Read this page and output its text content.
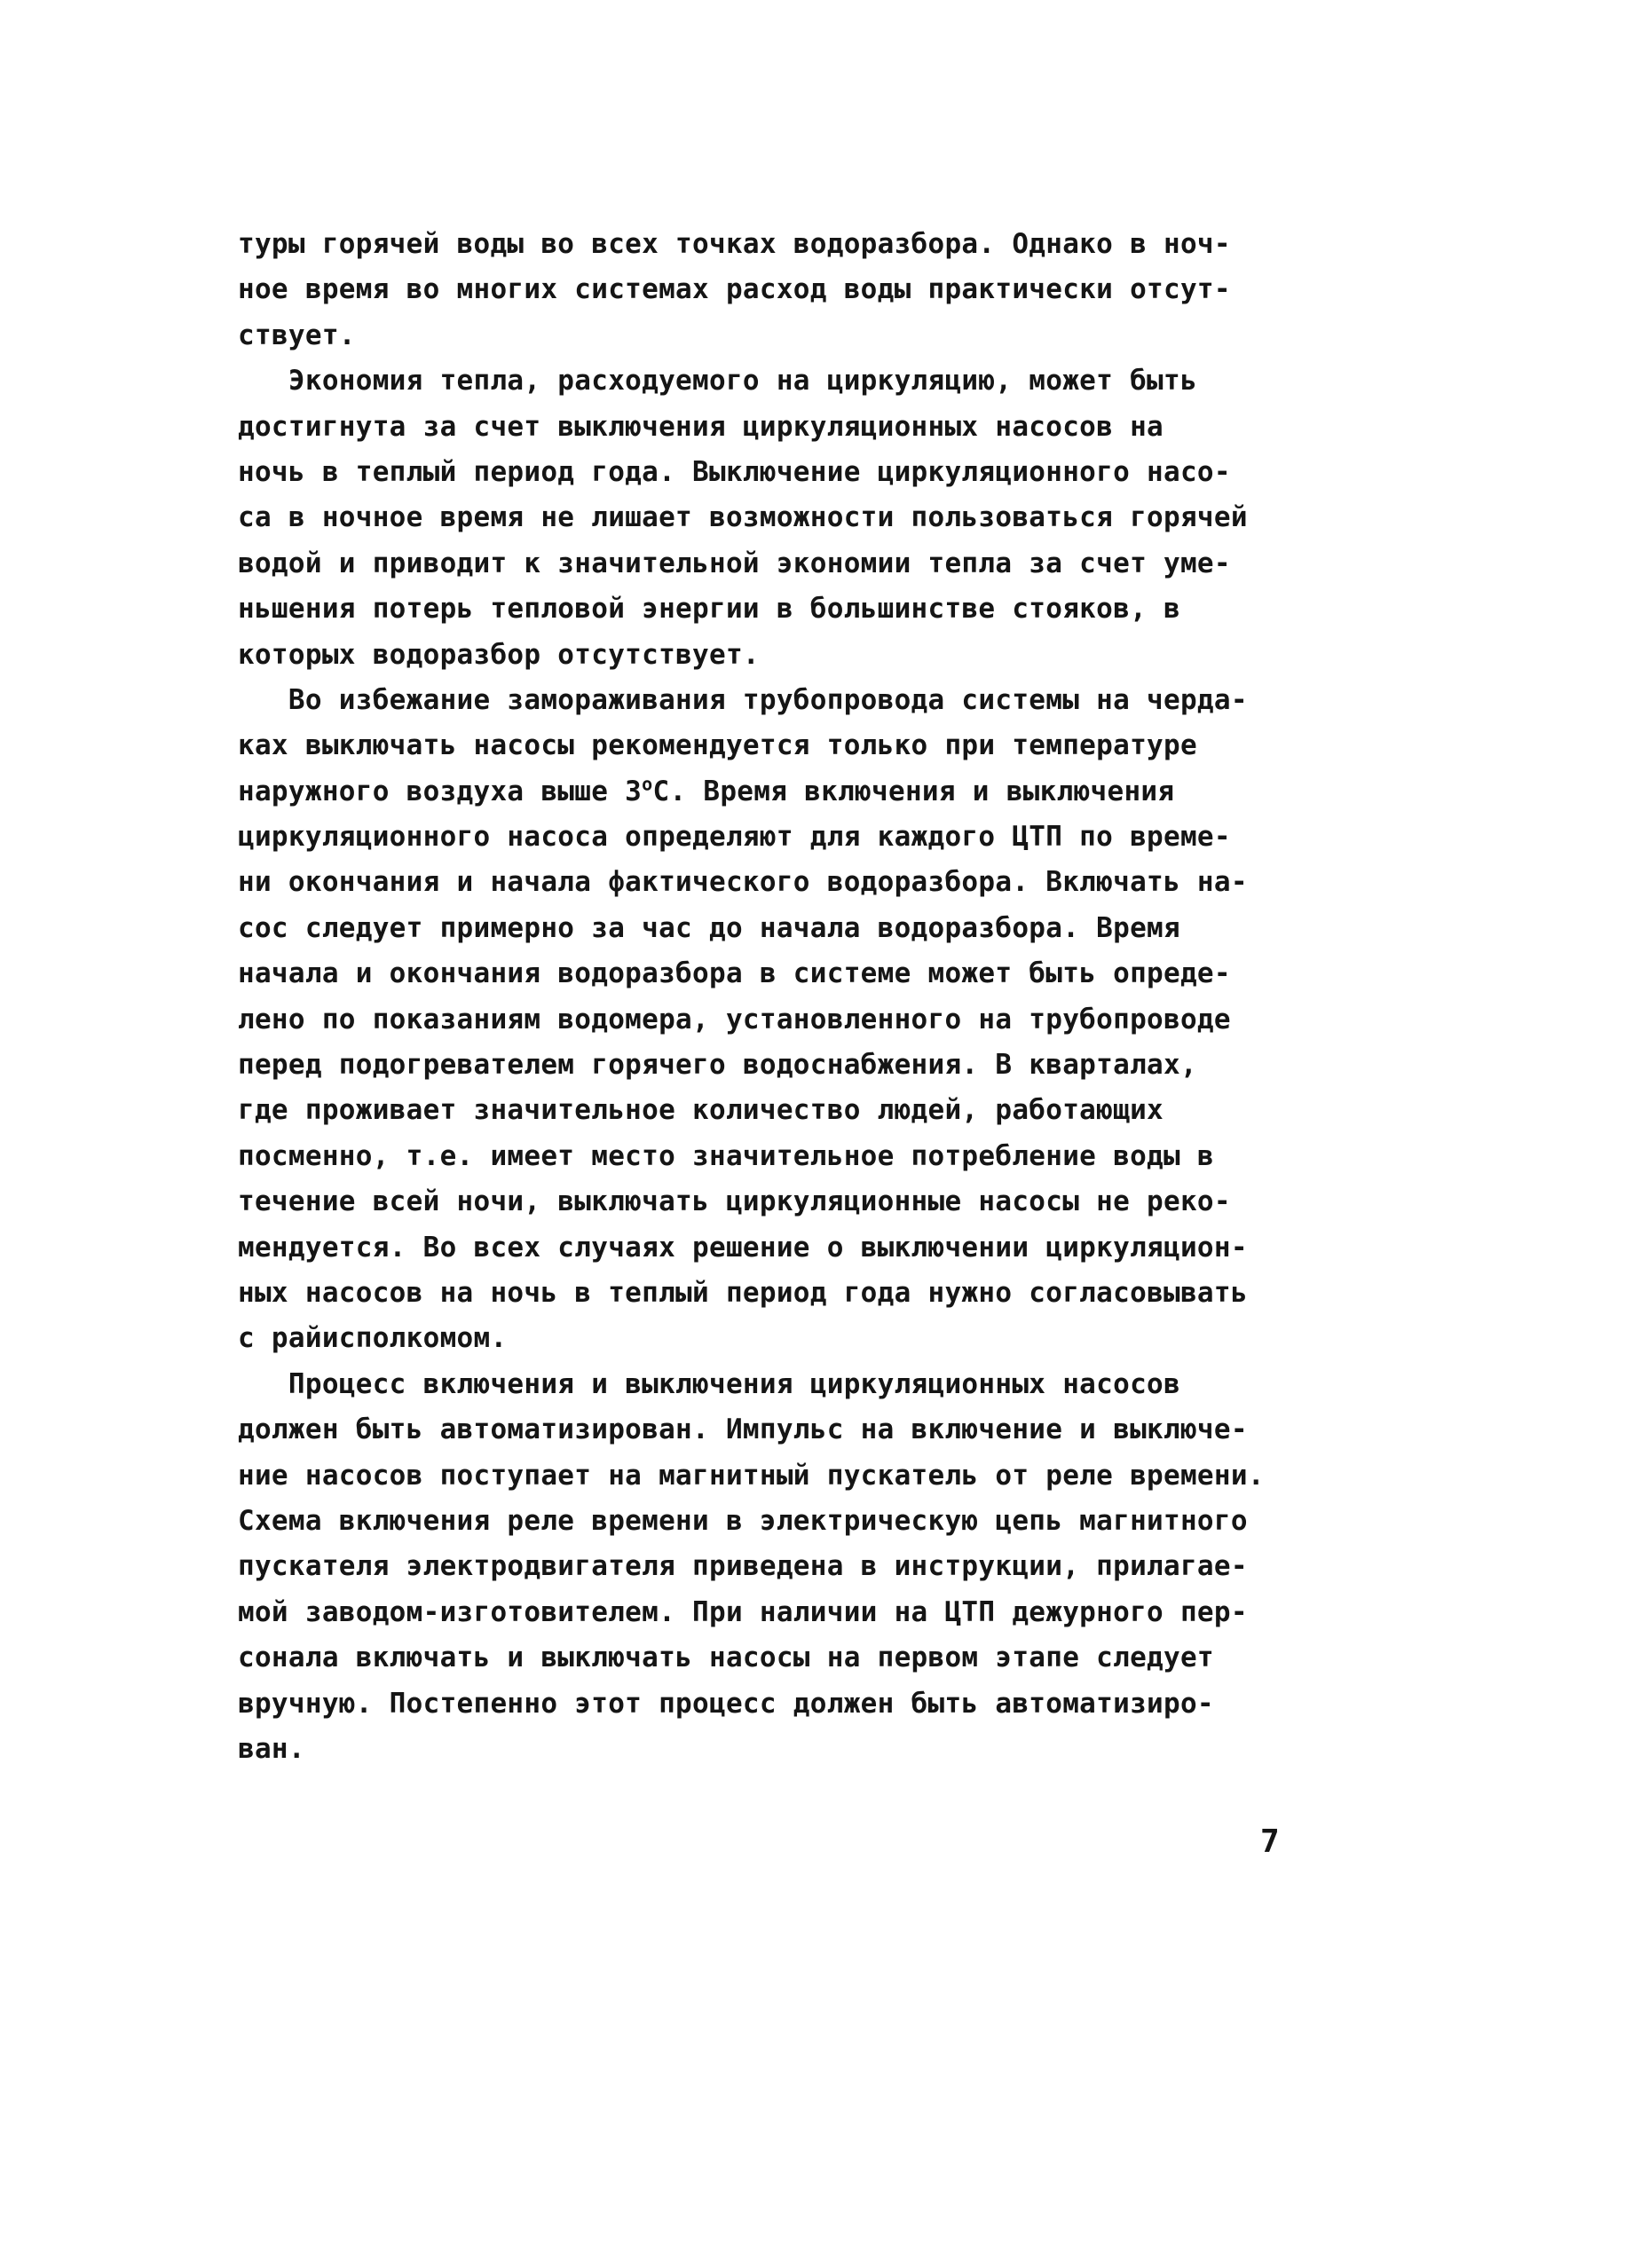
туры горячей воды во всех точках водоразбора. Однако в ноч-
ное время во многих системах расход воды практически отсут-
ствует.
Экономия тепла, расходуемого на циркуляцию, может быть
достигнута за счет выключения циркуляционных насосов на
ночь в теплый период года. Выключение циркуляционного насо-
са в ночное время не лишает возможности пользоваться горячей
водой и приводит к значительной экономии тепла за счет уме-
ньшения потерь тепловой энергии в большинстве стояков, в
которых водоразбор отсутствует.
Во избежание замораживания трубопровода системы на черда-
ках выключать насосы рекомендуется только при температуре
наружного воздуха выше 3$^o$C. Время включения и выключения
циркуляционного насоса определяют для каждого ЦТП по време-
ни окончания и начала фактического водоразбора. Включать на-
сос следует примерно за час до начала водоразбора. Время
начала и окончания водоразбора в системе может быть опреде-
лено по показаниям водомера, установленного на трубопроводе
перед подогревателем горячего водоснабжения. В кварталах,
где проживает значительное количество людей, работающих
посменно, т.е. имеет место значительное потребление воды в
течение всей ночи, выключать циркуляционные насосы не реко-
мендуется. Во всех случаях решение о выключении циркуляцион-
ных насосов на ночь в теплый период года нужно согласовывать
с райисполкомом.
Процесс включения и выключения циркуляционных насосов
должен быть автоматизирован. Импульс на включение и выключе-
ние насосов поступает на магнитный пускатель от реле времени.
Схема включения реле времени в электрическую цепь магнитного
пускателя электродвигателя приведена в инструкции, прилагае-
мой заводом-изготовителем. При наличии на ЦТП дежурного пер-
сонала включать и выключать насосы на первом этапе следует
вручную. Постепенно этот процесс должен быть автоматизиро-
ван.
7
